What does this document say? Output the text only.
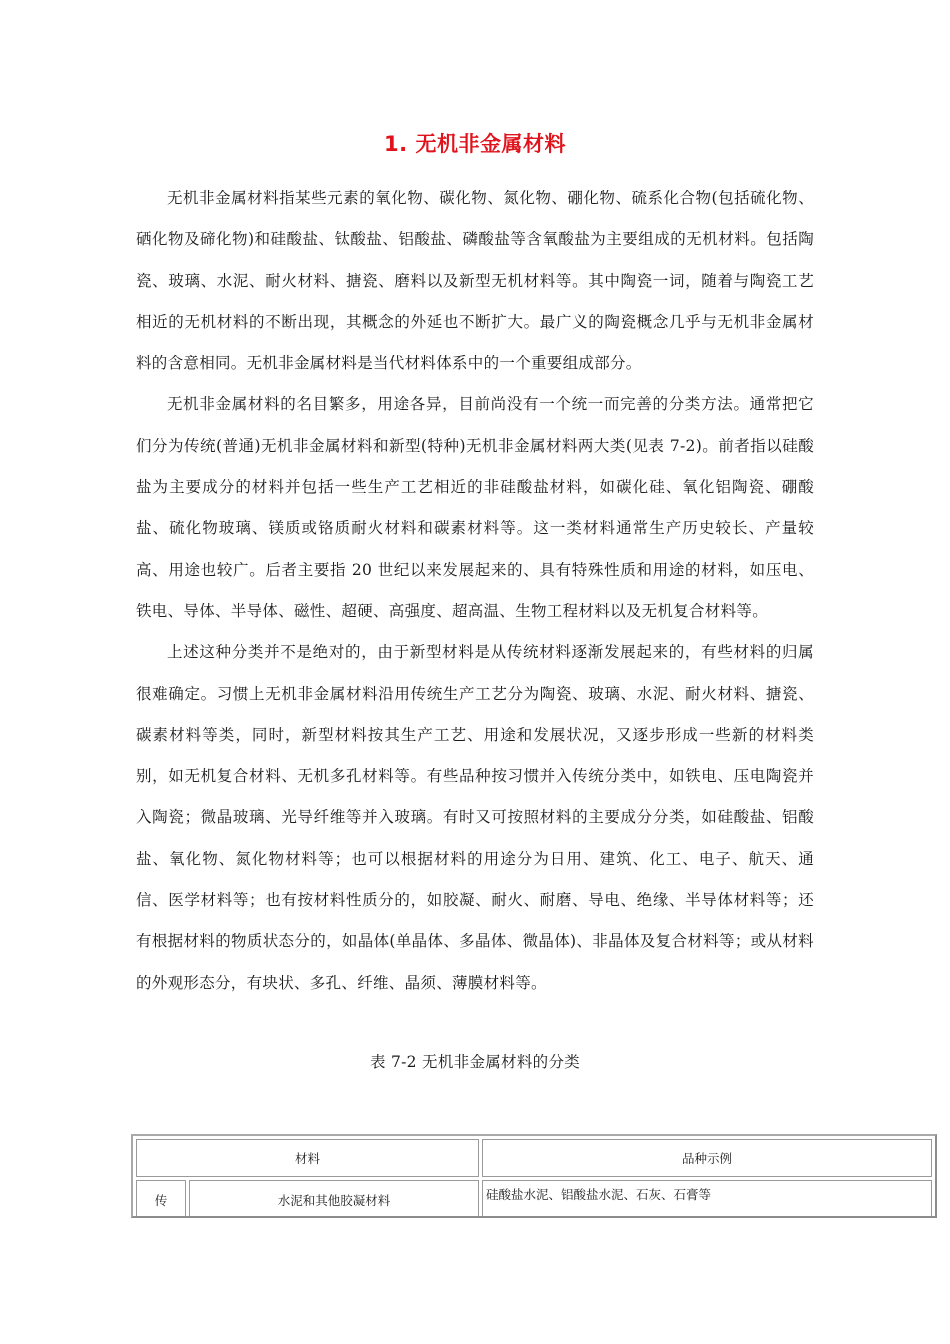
1. 无机非金属材料

无机非金属材料指某些元素的氧化物、碳化物、氮化物、硼化物、硫系化合物(包括硫化物、硒化物及碲化物)和硅酸盐、钛酸盐、铝酸盐、磷酸盐等含氧酸盐为主要组成的无机材料。包括陶瓷、玻璃、水泥、耐火材料、搪瓷、磨料以及新型无机材料等。其中陶瓷一词，随着与陶瓷工艺相近的无机材料的不断出现，其概念的外延也不断扩大。最广义的陶瓷概念几乎与无机非金属材料的含意相同。无机非金属材料是当代材料体系中的一个重要组成部分。

无机非金属材料的名目繁多，用途各异，目前尚没有一个统一而完善的分类方法。通常把它们分为传统(普通)无机非金属材料和新型(特种)无机非金属材料两大类(见表 7-2)。前者指以硅酸盐为主要成分的材料并包括一些生产工艺相近的非硅酸盐材料，如碳化硅、氧化铝陶瓷、硼酸盐、硫化物玻璃、镁质或铬质耐火材料和碳素材料等。这一类材料通常生产历史较长、产量较高、用途也较广。后者主要指 20 世纪以来发展起来的、具有特殊性质和用途的材料，如压电、铁电、导体、半导体、磁性、超硬、高强度、超高温、生物工程材料以及无机复合材料等。

上述这种分类并不是绝对的，由于新型材料是从传统材料逐渐发展起来的，有些材料的归属很难确定。习惯上无机非金属材料沿用传统生产工艺分为陶瓷、玻璃、水泥、耐火材料、搪瓷、碳素材料等类，同时，新型材料按其生产工艺、用途和发展状况，又逐步形成一些新的材料类别，如无机复合材料、无机多孔材料等。有些品种按习惯并入传统分类中，如铁电、压电陶瓷并入陶瓷；微晶玻璃、光导纤维等并入玻璃。有时又可按照材料的主要成分分类，如硅酸盐、铝酸盐、氧化物、氮化物材料等；也可以根据材料的用途分为日用、建筑、化工、电子、航天、通信、医学材料等；也有按材料性质分的，如胶凝、耐火、耐磨、导电、绝缘、半导体材料等；还有根据材料的物质状态分的，如晶体(单晶体、多晶体、微晶体)、非晶体及复合材料等；或从材料的外观形态分，有块状、多孔、纤维、晶须、薄膜材料等。

表 7-2 无机非金属材料的分类

材料		品种示例
传	水泥和其他胶凝材料	硅酸盐水泥、铝酸盐水泥、石灰、石膏等
